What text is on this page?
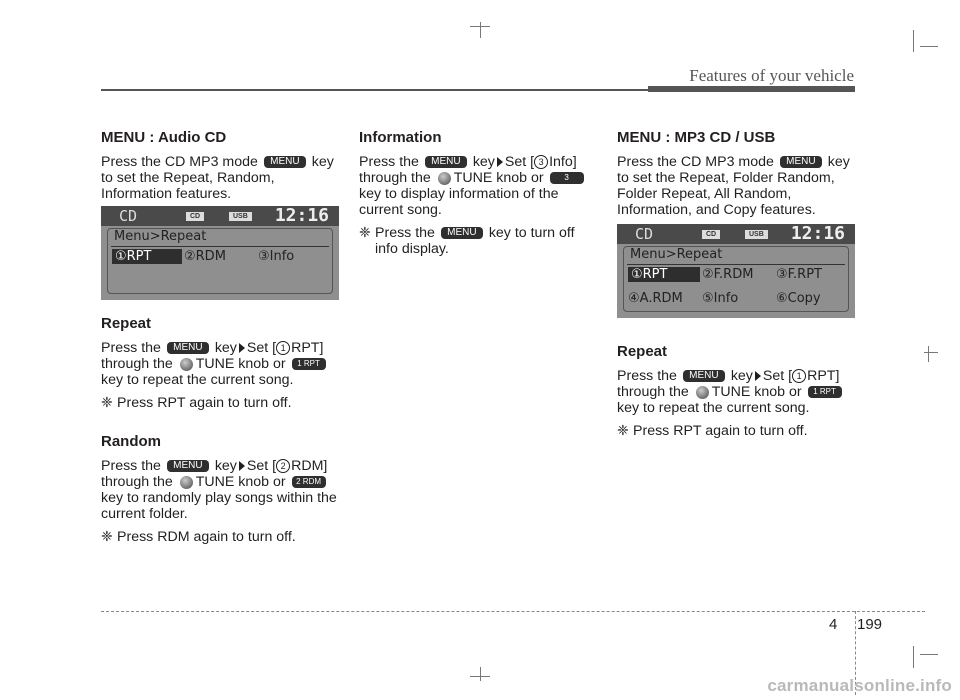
Features of your vehicle
MENU : Audio CD

Press the CD MP3 mode MENU key to set the Repeat, Random, Information features.

CD	CD	USB 12:16
Menu>Repeat
①RPT	②RDM ③Info
Repeat

Press the MENU key Set [ 1 RPT] through the TUNE knob or 1 RPT key to repeat the current song.

❈ Press RPT again to turn off.
Random

Press the MENU key Set [ 2 RDM] through the TUNE knob or 2 RDM key to randomly play songs within the current folder.

❈ Press RDM again to turn off.
Information

Press the MENU key Set [ 3 Info] through the TUNE knob or 3 key to display information of the current song.

❈ Press the MENU key to turn off info display.
MENU : MP3 CD / USB

Press the CD MP3 mode MENU key to set the Repeat, Folder Random, Folder Repeat, All Random, Information, and Copy features.

CD	CD	USB 12:16
Menu>Repeat
①RPT	②F.RDM ③F.RPT
④A.RDM ⑤Info	⑥Copy
Repeat

Press the MENU key Set [ 1 RPT] through the TUNE knob or 1 RPT key to repeat the current song.

❈ Press RPT again to turn off.
4 199
carmanualsonline.info
